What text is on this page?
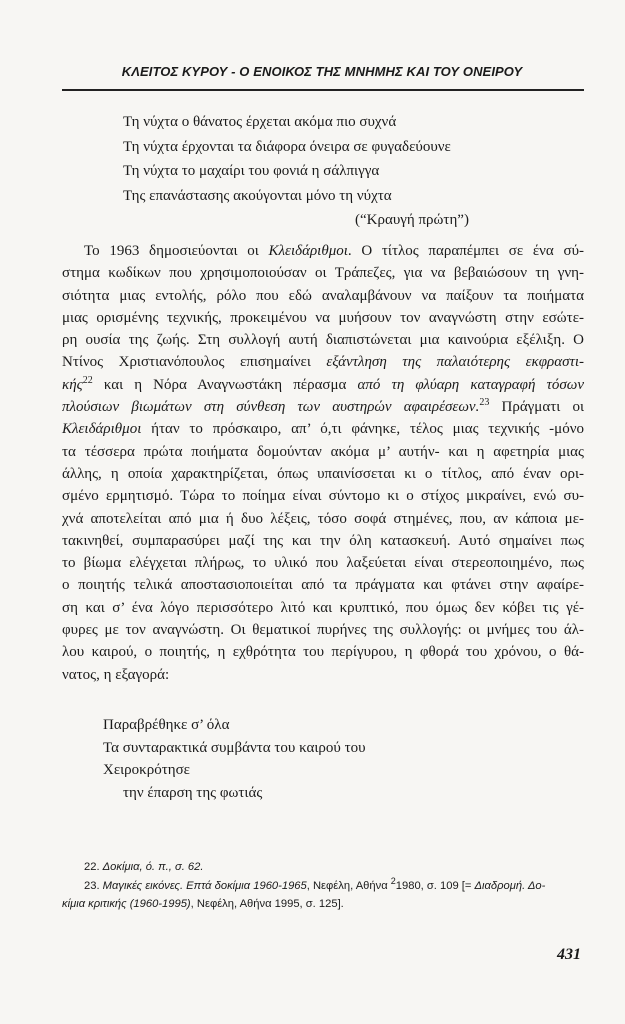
ΚΛΕΙΤΟΣ ΚΥΡΟΥ - Ο ΕΝΟΙΚΟΣ ΤΗΣ ΜΝΗΜΗΣ ΚΑΙ ΤΟΥ ΟΝΕΙΡΟΥ
Τη νύχτα ο θάνατος έρχεται ακόμα πιο συχνά
Τη νύχτα έρχονται τα διάφορα όνειρα σε φυγαδεύουνε
Τη νύχτα το μαχαίρι του φονιά η σάλπιγγα
Της επανάστασης ακούγονται μόνο τη νύχτα
(“Κραυγή πρώτη”)
Το 1963 δημοσιεύονται οι Κλειδάριθμοι. Ο τίτλος παραπέμπει σε ένα σύ-
στημα κωδίκων που χρησιμοποιούσαν οι Τράπεζες, για να βεβαιώσουν τη γνη-
σιότητα μιας εντολής, ρόλο που εδώ αναλαμβάνουν να παίξουν τα ποιήματα
μιας ορισμένης τεχνικής, προκειμένου να μυήσουν τον αναγνώστη στην εσώτε-
ρη ουσία της ζωής. Στη συλλογή αυτή διαπιστώνεται μια καινούρια εξέλιξη. Ο
Ντίνος Χριστιανόπουλος επισημαίνει εξάντληση της παλαιότερης εκφραστι-
κής$^{22}$ και η Νόρα Αναγνωστάκη πέρασμα από τη φλύαρη καταγραφή τόσων
πλούσιων βιωμάτων στη σύνθεση των αυστηρών αφαιρέσεων.$^{23}$ Πράγματι οι
Κλειδάριθμοι ήταν το πρόσκαιρο, απ’ ό,τι φάνηκε, τέλος μιας τεχνικής -μόνο
τα τέσσερα πρώτα ποιήματα δομούνταν ακόμα μ’ αυτήν- και η αφετηρία μιας
άλλης, η οποία χαρακτηρίζεται, όπως υπαινίσσεται κι ο τίτλος, από έναν ορι-
σμένο ερμητισμό. Τώρα το ποίημα είναι σύντομο κι ο στίχος μικραίνει, ενώ συ-
χνά αποτελείται από μια ή δυο λέξεις, τόσο σοφά στημένες, που, αν κάποια με-
τακινηθεί, συμπαρασύρει μαζί της και την όλη κατασκευή. Αυτό σημαίνει πως
το βίωμα ελέγχεται πλήρως, το υλικό που λαξεύεται είναι στερεοποιημένο, πως
ο ποιητής τελικά αποστασιοποιείται από τα πράγματα και φτάνει στην αφαίρε-
ση και σ’ ένα λόγο περισσότερο λιτό και κρυπτικό, που όμως δεν κόβει τις γέ-
φυρες με τον αναγνώστη. Οι θεματικοί πυρήνες της συλλογής: οι μνήμες του άλ-
λου καιρού, ο ποιητής, η εχθρότητα του περίγυρου, η φθορά του χρόνου, ο θά-
νατος, η εξαγορά:
Παραβρέθηκε σ’ όλα
Τα συνταρακτικά συμβάντα του καιρού του
Χειροκρότησε
την έπαρση της φωτιάς
22. Δοκίμια, ό. π., σ. 62.
23. Μαγικές εικόνες. Επτά δοκίμια 1960-1965, Νεφέλη, Αθήνα $^2$1980, σ. 109 [= Διαδρομή. Δο-
κίμια κριτικής (1960-1995), Νεφέλη, Αθήνα 1995, σ. 125].
431
